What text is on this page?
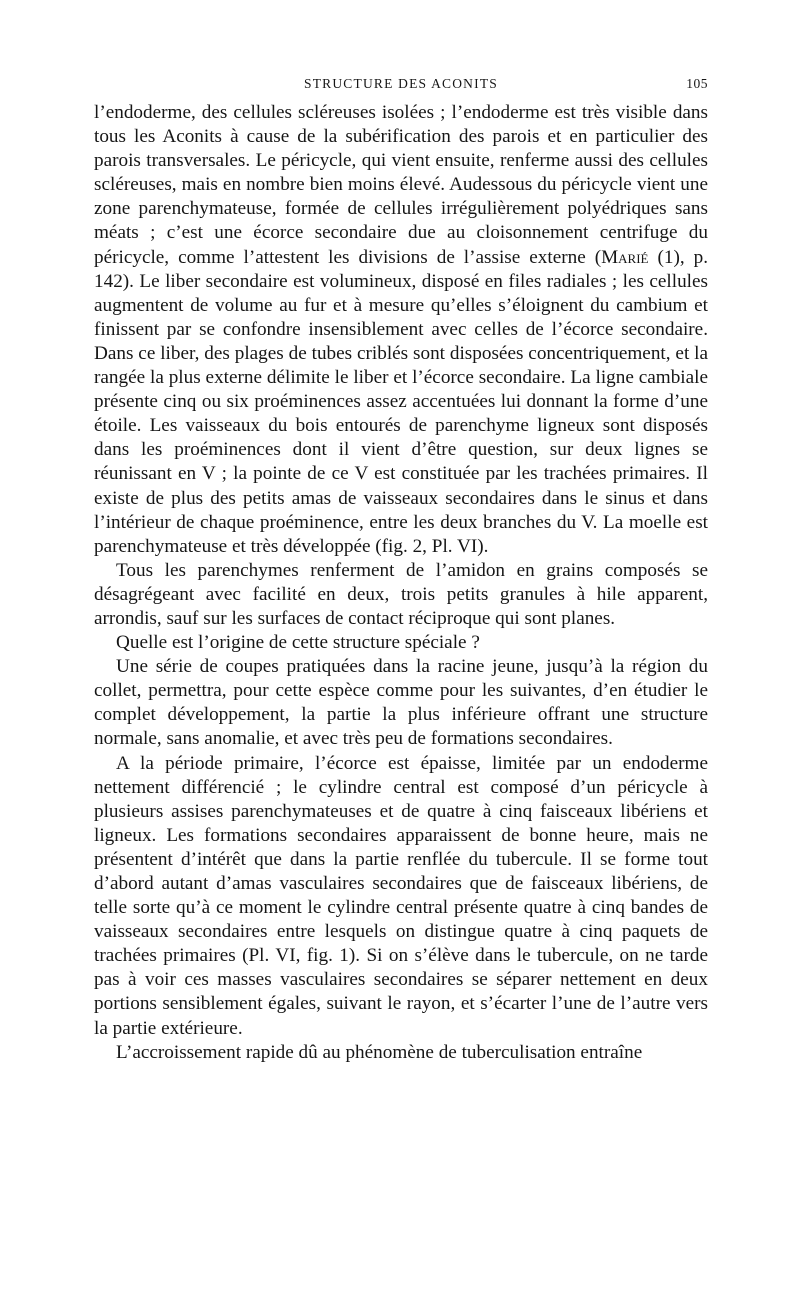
STRUCTURE DES ACONITS	105

l’endoderme, des cellules scléreuses isolées ; l’endoderme est très visible dans tous les Aconits à cause de la subérification des parois et en particulier des parois transversales. Le péricycle, qui vient ensuite, renferme aussi des cellules scléreuses, mais en nombre bien moins élevé. Audessous du péricycle vient une zone parenchymateuse, formée de cellules irrégulièrement polyédriques sans méats ; c’est une écorce secondaire due au cloisonnement centrifuge du péricycle, comme l’attestent les divisions de l’assise externe (Marié (1), p. 142). Le liber secondaire est volumineux, disposé en files radiales ; les cellules augmentent de volume au fur et à mesure qu’elles s’éloignent du cambium et finissent par se confondre insensiblement avec celles de l’écorce secondaire. Dans ce liber, des plages de tubes criblés sont disposées concentriquement, et la rangée la plus externe délimite le liber et l’écorce secondaire. La ligne cambiale présente cinq ou six proéminences assez accentuées lui donnant la forme d’une étoile. Les vaisseaux du bois entourés de parenchyme ligneux sont disposés dans les proéminences dont il vient d’être question, sur deux lignes se réunissant en V ; la pointe de ce V est constituée par les trachées primaires. Il existe de plus des petits amas de vaisseaux secondaires dans le sinus et dans l’intérieur de chaque proéminence, entre les deux branches du V. La moelle est parenchymateuse et très développée (fig. 2, Pl. VI).

Tous les parenchymes renferment de l’amidon en grains composés se désagrégeant avec facilité en deux, trois petits granules à hile apparent, arrondis, sauf sur les surfaces de contact réciproque qui sont planes.

Quelle est l’origine de cette structure spéciale ?

Une série de coupes pratiquées dans la racine jeune, jusqu’à la région du collet, permettra, pour cette espèce comme pour les suivantes, d’en étudier le complet développement, la partie la plus inférieure offrant une structure normale, sans anomalie, et avec très peu de formations secondaires.

A la période primaire, l’écorce est épaisse, limitée par un endoderme nettement différencié ; le cylindre central est composé d’un péricycle à plusieurs assises parenchymateuses et de quatre à cinq faisceaux libériens et ligneux. Les formations secondaires apparaissent de bonne heure, mais ne présentent d’intérêt que dans la partie renflée du tubercule. Il se forme tout d’abord autant d’amas vasculaires secondaires que de faisceaux libériens, de telle sorte qu’à ce moment le cylindre central présente quatre à cinq bandes de vaisseaux secondaires entre lesquels on distingue quatre à cinq paquets de trachées primaires (Pl. VI, fig. 1). Si on s’élève dans le tubercule, on ne tarde pas à voir ces masses vasculaires secondaires se séparer nettement en deux portions sensiblement égales, suivant le rayon, et s’écarter l’une de l’autre vers la partie extérieure.

L’accroissement rapide dû au phénomène de tuberculisation entraîne
